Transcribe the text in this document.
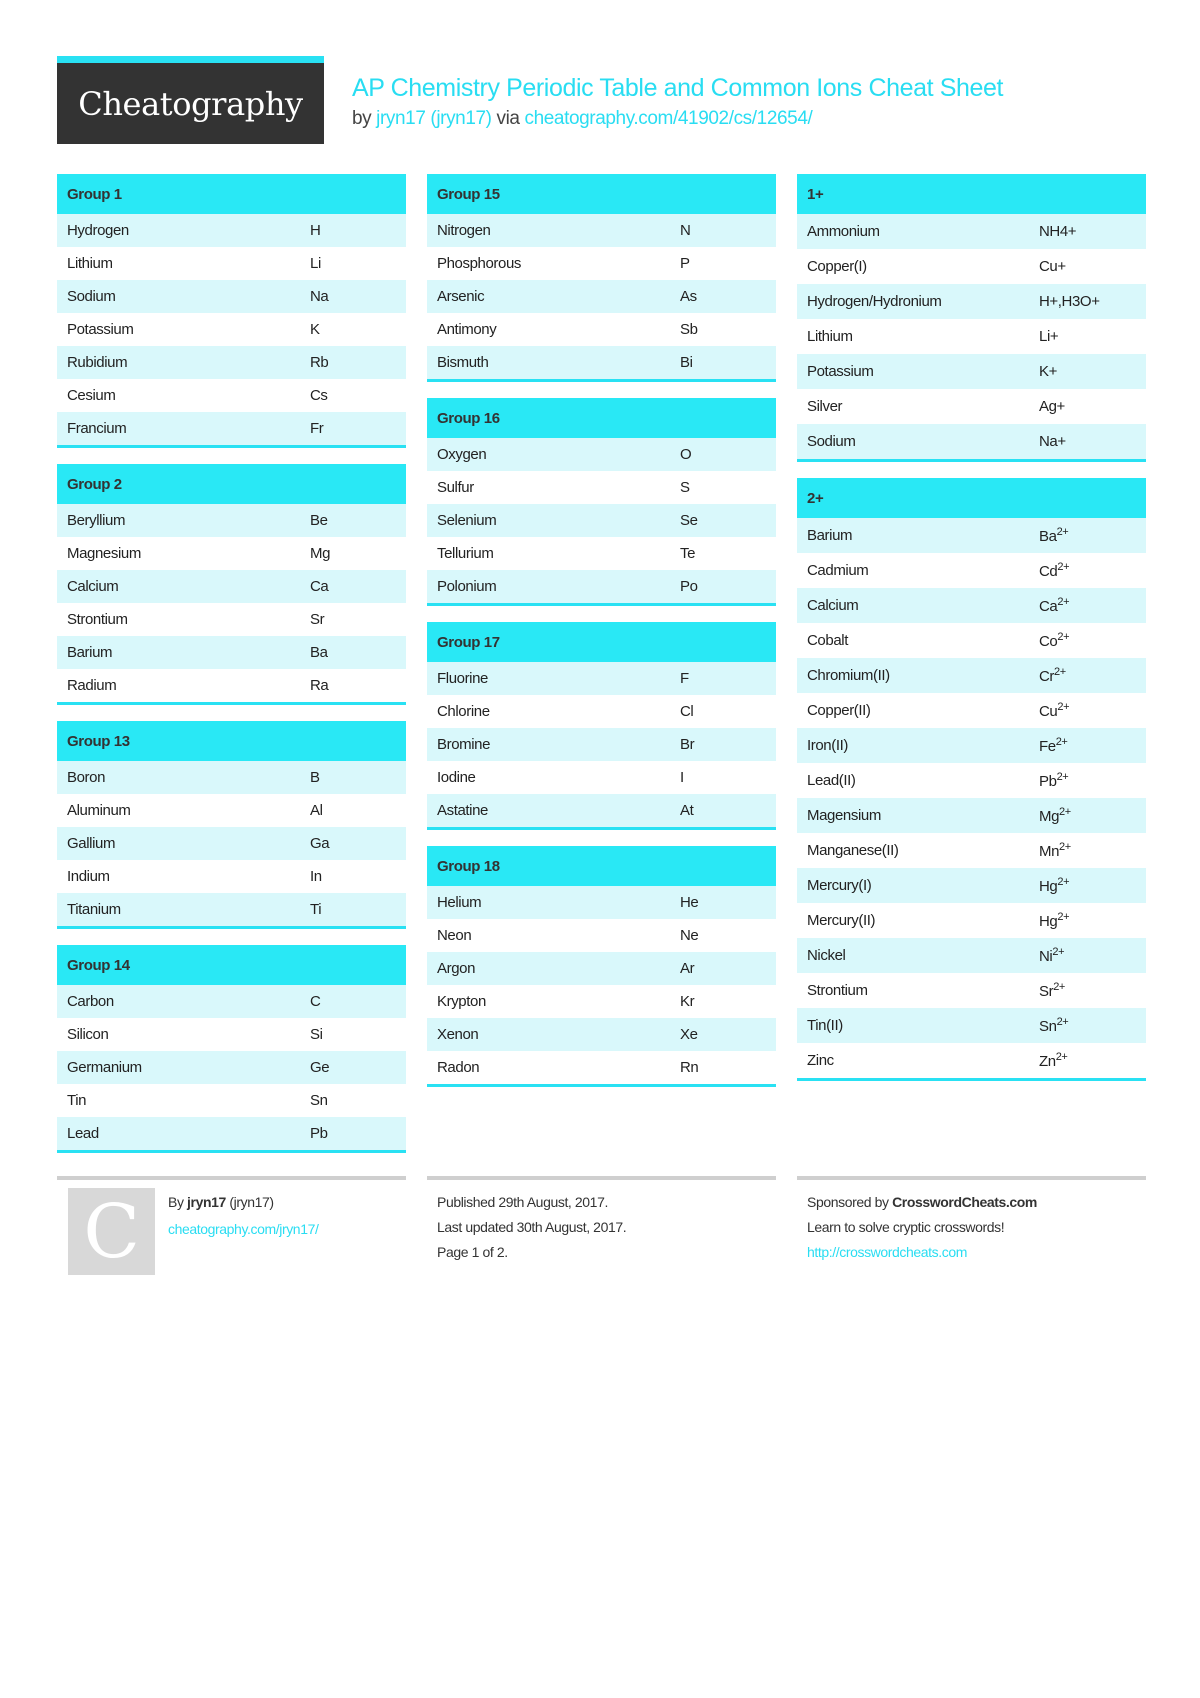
Cheatography	AP Chemistry Periodic Table and Common Ions Cheat Sheet
by jryn17 (jryn17) via cheatography.com/41902/cs/12654/
Group 1
Hydrogen	H
Lithium	Li
Sodium	Na
Potassium	K
Rubidium	Rb
Cesium	Cs
Francium	Fr
Group 2
Beryllium	Be
Magnesium	Mg
Calcium	Ca
Strontium	Sr
Barium	Ba
Radium	Ra
Group 13
Boron	B
Aluminum	Al
Gallium	Ga
Indium	In
Titanium	Ti
Group 14
Carbon	C
Silicon	Si
Germanium	Ge
Tin	Sn
Lead	Pb
Group 15
Nitrogen	N
Phosphorous	P
Arsenic	As
Antimony	Sb
Bismuth	Bi
Group 16
Oxygen	O
Sulfur	S
Selenium	Se
Tellurium	Te
Polonium	Po
Group 17
Fluorine	F
Chlorine	Cl
Bromine	Br
Iodine	I
Astatine	At
Group 18
Helium	He
Neon	Ne
Argon	Ar
Krypton	Kr
Xenon	Xe
Radon	Rn
1+
Ammonium	NH4+
Copper(I)	Cu+
Hydrogen/Hydronium	H+,H3O+
Lithium	Li+
Potassium	K+
Silver	Ag+
Sodium	Na+
2+
Barium	$Ba^{2+}$
Cadmium	$Cd^{2+}$
Calcium	$Ca^{2+}$
Cobalt	$Co^{2+}$
Chromium(II)	$Cr^{2+}$
Copper(II)	$Cu^{2+}$
Iron(II)	$Fe^{2+}$
Lead(II)	$Pb^{2+}$
Magensium	$Mg^{2+}$
Manganese(II)	$Mn^{2+}$
Mercury(I)	$Hg^{2+}$
Mercury(II)	$Hg^{2+}$
Nickel	$Ni^{2+}$
Strontium	$Sr^{2+}$
Tin(II)	$Sn^{2+}$
Zinc	$Zn^{2+}$
C	By jryn17 (jryn17)
cheatography.com/jryn17/
Published 29th August, 2017.
Last updated 30th August, 2017.
Page 1 of 2.
Sponsored by CrosswordCheats.com
Learn to solve cryptic crosswords!
http://crosswordcheats.com
